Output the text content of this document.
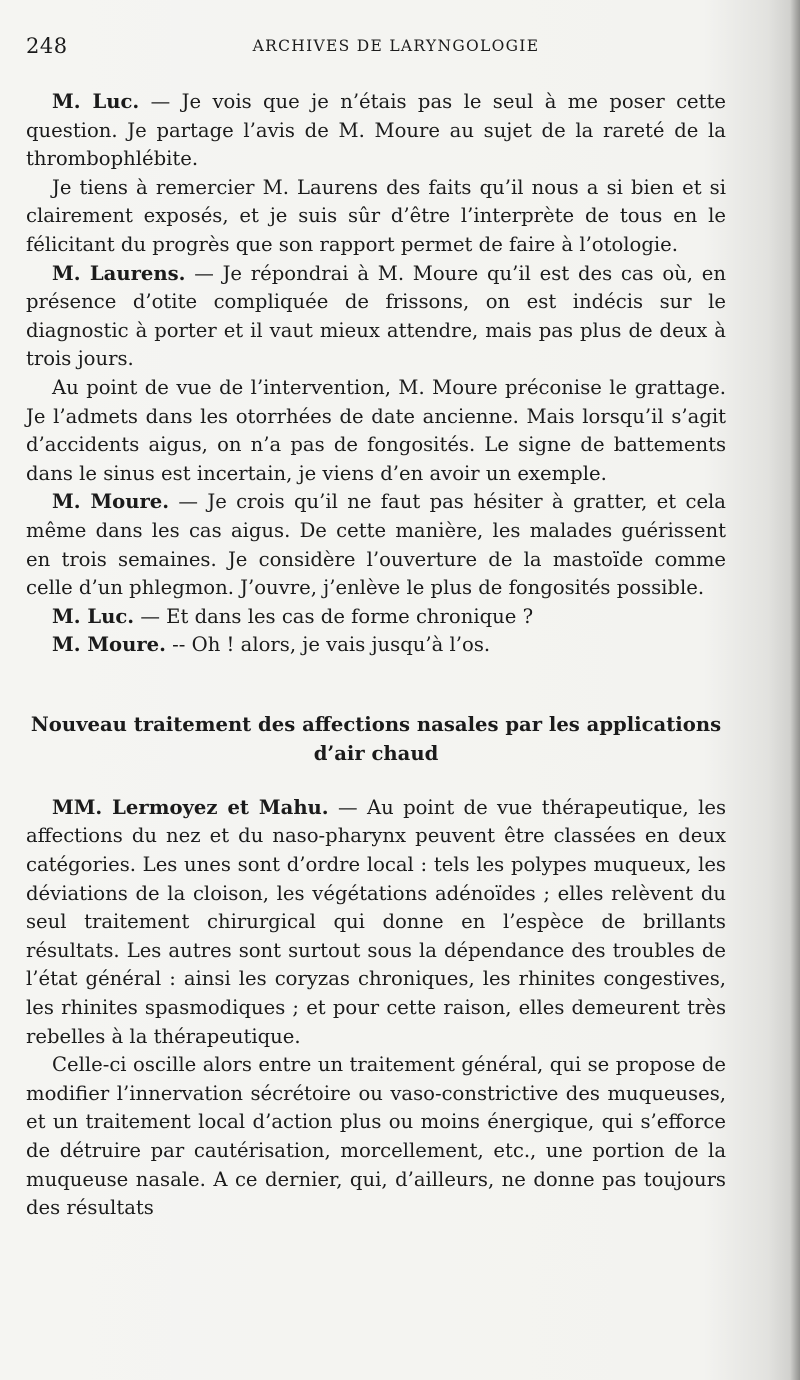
248	ARCHIVES DE LARYNGOLOGIE

M. Luc. — Je vois que je n’étais pas le seul à me poser cette question. Je partage l’avis de M. Moure au sujet de la rareté de la thrombophlébite.

Je tiens à remercier M. Laurens des faits qu’il nous a si bien et si clairement exposés, et je suis sûr d’être l’interprète de tous en le félicitant du progrès que son rapport permet de faire à l’otologie.

M. Laurens. — Je répondrai à M. Moure qu’il est des cas où, en présence d’otite compliquée de frissons, on est indécis sur le diagnostic à porter et il vaut mieux attendre, mais pas plus de deux à trois jours.

Au point de vue de l’intervention, M. Moure préconise le grattage. Je l’admets dans les otorrhées de date ancienne. Mais lorsqu’il s’agit d’accidents aigus, on n’a pas de fongosités. Le signe de battements dans le sinus est incertain, je viens d’en avoir un exemple.

M. Moure. — Je crois qu’il ne faut pas hésiter à gratter, et cela même dans les cas aigus. De cette manière, les malades guérissent en trois semaines. Je considère l’ouverture de la mastoïde comme celle d’un phlegmon. J’ouvre, j’enlève le plus de fongosités possible.

M. Luc. — Et dans les cas de forme chronique ?

M. Moure. -- Oh ! alors, je vais jusqu’à l’os.

Nouveau traitement des affections nasales par les applications d’air chaud

MM. Lermoyez et Mahu. — Au point de vue thérapeutique, les affections du nez et du naso-pharynx peuvent être classées en deux catégories. Les unes sont d’ordre local : tels les polypes muqueux, les déviations de la cloison, les végétations adénoïdes ; elles relèvent du seul traitement chirurgical qui donne en l’espèce de brillants résultats. Les autres sont surtout sous la dépendance des troubles de l’état général : ainsi les coryzas chroniques, les rhinites congestives, les rhinites spasmodiques ; et pour cette raison, elles demeurent très rebelles à la thérapeutique.

Celle-ci oscille alors entre un traitement général, qui se propose de modifier l’innervation sécrétoire ou vaso-constrictive des muqueuses, et un traitement local d’action plus ou moins énergique, qui s’efforce de détruire par cautérisation, morcellement, etc., une portion de la muqueuse nasale. A ce dernier, qui, d’ailleurs, ne donne pas toujours des résultats
